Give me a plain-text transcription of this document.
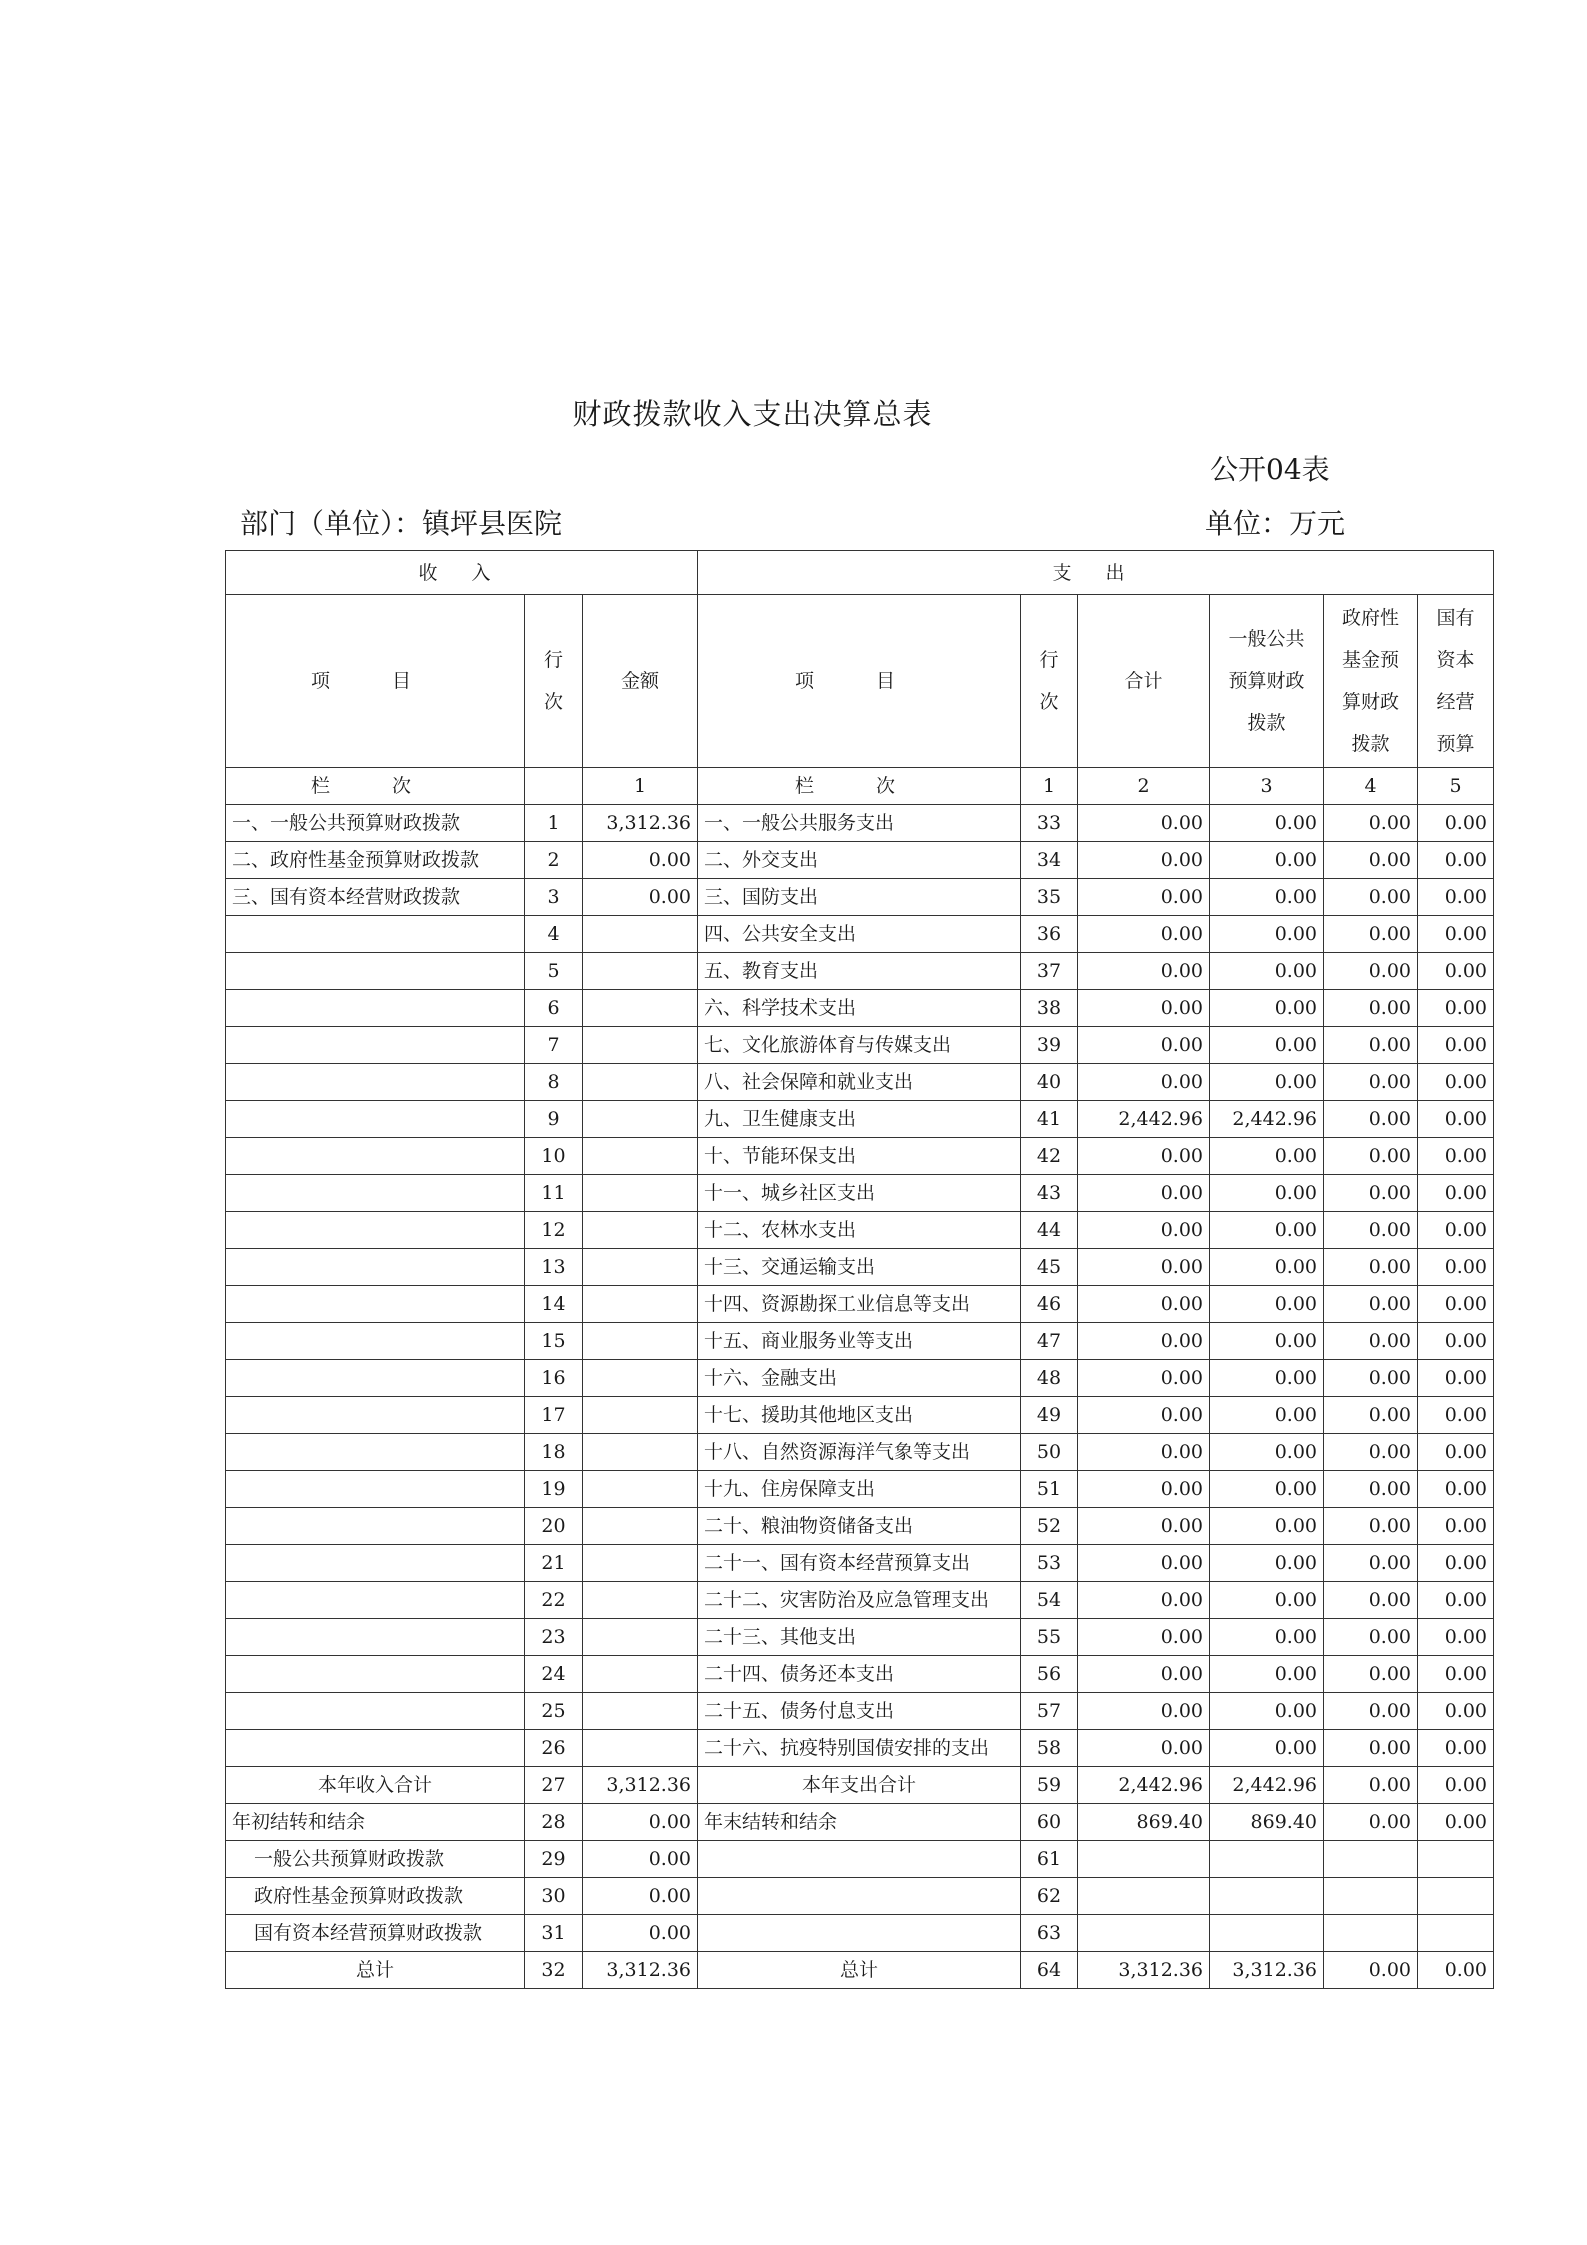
财政拨款收入支出决算总表
公开04表
部门（单位）：镇坪县医院	单位：万元
收 入			支 出					
项 目	行次	金额	项 目	行次	合计	一般公共预算财政拨款	政府性基金预算财政拨款	国有资本经营预算
栏 次		1	栏 次	1	2	3	4	5
一、一般公共预算财政拨款	1	3,312.36	一、一般公共服务支出	33	0.00	0.00	0.00	0.00
二、政府性基金预算财政拨款	2	0.00	二、外交支出	34	0.00	0.00	0.00	0.00
三、国有资本经营财政拨款	3	0.00	三、国防支出	35	0.00	0.00	0.00	0.00
	4		四、公共安全支出	36	0.00	0.00	0.00	0.00
	5		五、教育支出	37	0.00	0.00	0.00	0.00
	6		六、科学技术支出	38	0.00	0.00	0.00	0.00
	7		七、文化旅游体育与传媒支出	39	0.00	0.00	0.00	0.00
	8		八、社会保障和就业支出	40	0.00	0.00	0.00	0.00
	9		九、卫生健康支出	41	2,442.96	2,442.96	0.00	0.00
	10		十、节能环保支出	42	0.00	0.00	0.00	0.00
	11		十一、城乡社区支出	43	0.00	0.00	0.00	0.00
	12		十二、农林水支出	44	0.00	0.00	0.00	0.00
	13		十三、交通运输支出	45	0.00	0.00	0.00	0.00
	14		十四、资源勘探工业信息等支出	46	0.00	0.00	0.00	0.00
	15		十五、商业服务业等支出	47	0.00	0.00	0.00	0.00
	16		十六、金融支出	48	0.00	0.00	0.00	0.00
	17		十七、援助其他地区支出	49	0.00	0.00	0.00	0.00
	18		十八、自然资源海洋气象等支出	50	0.00	0.00	0.00	0.00
	19		十九、住房保障支出	51	0.00	0.00	0.00	0.00
	20		二十、粮油物资储备支出	52	0.00	0.00	0.00	0.00
	21		二十一、国有资本经营预算支出	53	0.00	0.00	0.00	0.00
	22		二十二、灾害防治及应急管理支出	54	0.00	0.00	0.00	0.00
	23		二十三、其他支出	55	0.00	0.00	0.00	0.00
	24		二十四、债务还本支出	56	0.00	0.00	0.00	0.00
	25		二十五、债务付息支出	57	0.00	0.00	0.00	0.00
	26		二十六、抗疫特别国债安排的支出	58	0.00	0.00	0.00	0.00
本年收入合计	27	3,312.36	本年支出合计	59	2,442.96	2,442.96	0.00	0.00
年初结转和结余	28	0.00	年末结转和结余	60	869.40	869.40	0.00	0.00
一般公共预算财政拨款	29	0.00		61				
政府性基金预算财政拨款	30	0.00		62				
国有资本经营预算财政拨款	31	0.00		63				
总计	32	3,312.36	总计	64	3,312.36	3,312.36	0.00	0.00
